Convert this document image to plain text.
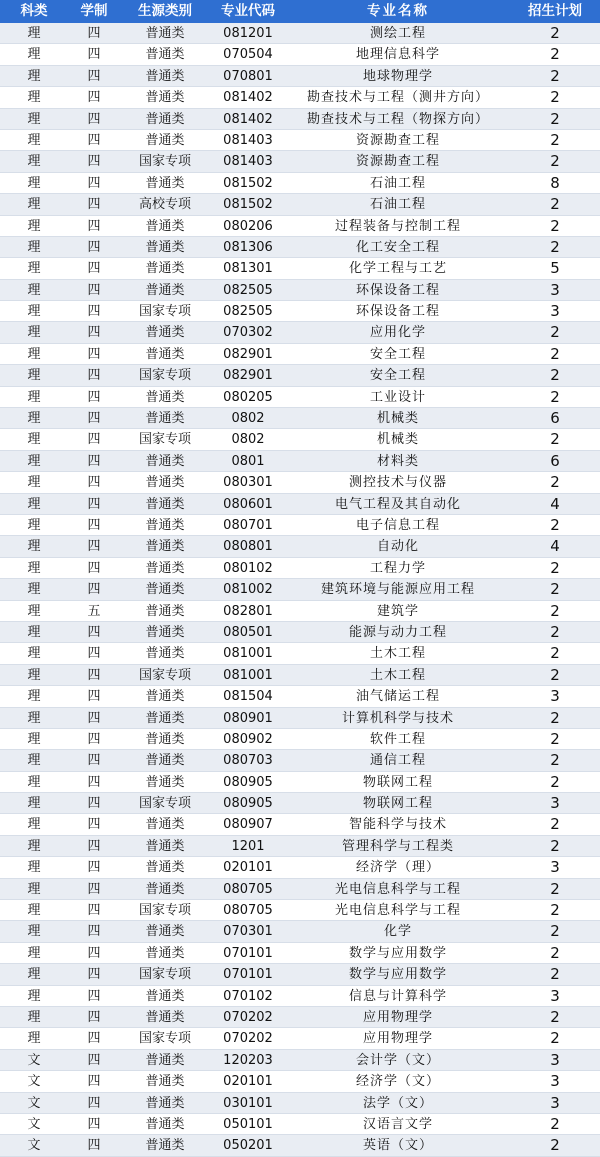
科类	学制	生源类别	专业代码	专业名称	招生计划
理	四	普通类	081201	测绘工程	2
理	四	普通类	070504	地理信息科学	2
理	四	普通类	070801	地球物理学	2
理	四	普通类	081402	勘查技术与工程（测井方向）	2
理	四	普通类	081402	勘查技术与工程（物探方向）	2
理	四	普通类	081403	资源勘查工程	2
理	四	国家专项	081403	资源勘查工程	2
理	四	普通类	081502	石油工程	8
理	四	高校专项	081502	石油工程	2
理	四	普通类	080206	过程装备与控制工程	2
理	四	普通类	081306	化工安全工程	2
理	四	普通类	081301	化学工程与工艺	5
理	四	普通类	082505	环保设备工程	3
理	四	国家专项	082505	环保设备工程	3
理	四	普通类	070302	应用化学	2
理	四	普通类	082901	安全工程	2
理	四	国家专项	082901	安全工程	2
理	四	普通类	080205	工业设计	2
理	四	普通类	0802	机械类	6
理	四	国家专项	0802	机械类	2
理	四	普通类	0801	材料类	6
理	四	普通类	080301	测控技术与仪器	2
理	四	普通类	080601	电气工程及其自动化	4
理	四	普通类	080701	电子信息工程	2
理	四	普通类	080801	自动化	4
理	四	普通类	080102	工程力学	2
理	四	普通类	081002	建筑环境与能源应用工程	2
理	五	普通类	082801	建筑学	2
理	四	普通类	080501	能源与动力工程	2
理	四	普通类	081001	土木工程	2
理	四	国家专项	081001	土木工程	2
理	四	普通类	081504	油气储运工程	3
理	四	普通类	080901	计算机科学与技术	2
理	四	普通类	080902	软件工程	2
理	四	普通类	080703	通信工程	2
理	四	普通类	080905	物联网工程	2
理	四	国家专项	080905	物联网工程	3
理	四	普通类	080907	智能科学与技术	2
理	四	普通类	1201	管理科学与工程类	2
理	四	普通类	020101	经济学（理）	3
理	四	普通类	080705	光电信息科学与工程	2
理	四	国家专项	080705	光电信息科学与工程	2
理	四	普通类	070301	化学	2
理	四	普通类	070101	数学与应用数学	2
理	四	国家专项	070101	数学与应用数学	2
理	四	普通类	070102	信息与计算科学	3
理	四	普通类	070202	应用物理学	2
理	四	国家专项	070202	应用物理学	2
文	四	普通类	120203	会计学（文）	3
文	四	普通类	020101	经济学（文）	3
文	四	普通类	030101	法学（文）	3
文	四	普通类	050101	汉语言文学	2
文	四	普通类	050201	英语（文）	2
